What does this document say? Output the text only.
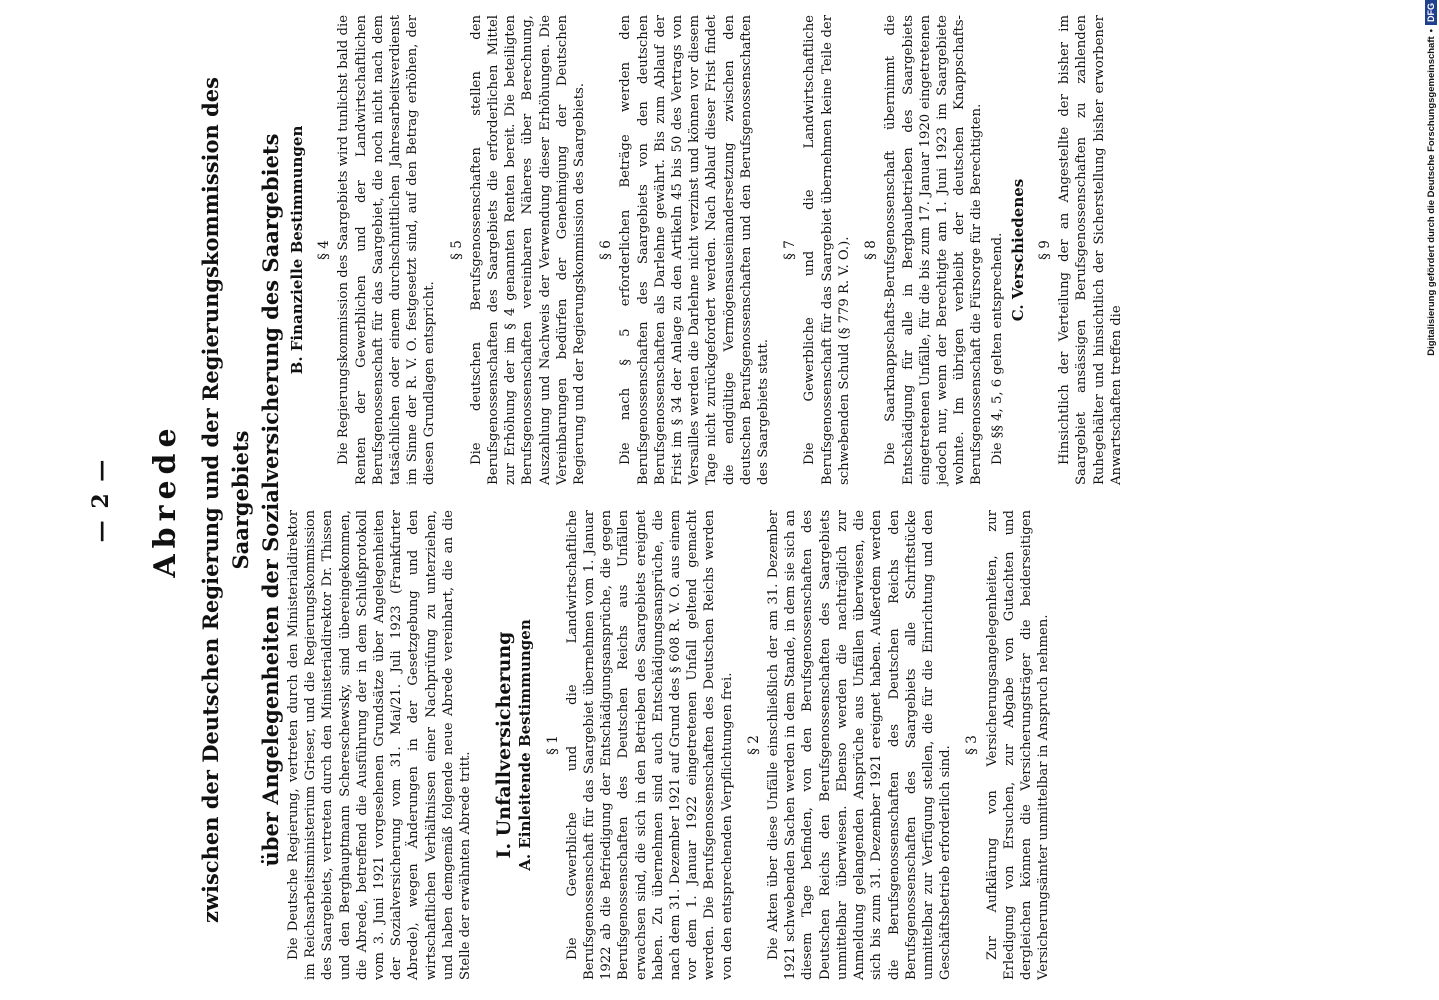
— 2 — Abrede zwischen der Deutschen Regierung und der Regierungskommission des Saargebiets über Angelegenheiten der Sozialversicherung des Saargebiets Die Deutsche Regierung, vertreten durch den Ministerialdirektor im Reichsarbeitsministerium Grieser, und die Regierungskommission des Saargebiets, vertreten durch den Ministerialdirektor Dr. Thissen und den Berghauptmann Schereschewsky, sind übereingekommen, die Abrede, betreffend die Ausführung der in dem Schlußprotokoll vom 3. Juni 1921 vorgesehenen Grundsätze über Angelegenheiten der Sozialversicherung vom 31. Mai/21. Juli 1923 (Frankfurter Abrede), wegen Änderungen in der Gesetzgebung und den wirtschaftlichen Verhältnissen einer Nachprüfung zu unterziehen, und haben demgemäß folgende neue Abrede vereinbart, die an die Stelle der erwähnten Abrede tritt.

I. Unfallversicherung A. Einleitende Bestimmungen § 1 Die Gewerbliche und die Landwirtschaftliche Berufsgenossenschaft für das Saargebiet übernehmen vom 1. Januar 1922 ab die Befriedigung der Entschädigungsansprüche, die gegen Berufsgenossenschaften des Deutschen Reichs aus Unfällen erwachsen sind, die sich in den Betrieben des Saargebiets ereignet haben. Zu übernehmen sind auch Entschädigungsansprüche, die nach dem 31. Dezember 1921 auf Grund des § 608 R. V. O. aus einem vor dem 1. Januar 1922 eingetretenen Unfall geltend gemacht werden. Die Berufsgenossenschaften des Deutschen Reichs werden von den entsprechenden Verpflichtungen frei. § 2 Die Akten über diese Unfälle einschließlich der am 31. Dezember 1921 schwebenden Sachen werden in dem Stande, in dem sie sich an diesem Tage befinden, von den Berufsgenossenschaften des Deutschen Reichs den Berufsgenossenschaften des Saargebiets unmittelbar überwiesen. Ebenso werden die nachträglich zur Anmeldung gelangenden Ansprüche aus Unfällen überwiesen, die sich bis zum 31. Dezember 1921 ereignet haben. Außerdem werden die Berufsgenossenschaften des Deutschen Reichs den Berufsgenossenschaften des Saargebiets alle Schriftstücke unmittelbar zur Verfügung stellen, die für die Einrichtung und den Geschäftsbetrieb erforderlich sind.

§ 3 Zur Aufklärung von Versicherungsangelegenheiten, zur Erledigung von Ersuchen, zur Abgabe von Gutachten und dergleichen können die Versicherungsträger die beiderseitigen Versicherungsämter unmittelbar in Anspruch nehmen.

B. Finanzielle Bestimmungen § 4 Die Regierungskommission des Saargebiets wird tunlichst bald die Renten der Gewerblichen und der Landwirtschaftlichen Berufsgenossenschaft für das Saargebiet, die noch nicht nach dem tatsächlichen oder einem durchschnittlichen Jahresarbeitsverdienst im Sinne der R. V. O. festgesetzt sind, auf den Betrag erhöhen, der diesen Grundlagen entspricht.

§ 5 Die deutschen Berufsgenossenschaften stellen den Berufsgenossenschaften des Saargebiets die erforderlichen Mittel zur Erhöhung der im § 4 genannten Renten bereit. Die beteiligten Berufsgenossenschaften vereinbaren Näheres über Berechnung, Auszahlung und Nachweis der Verwendung dieser Erhöhungen. Die Vereinbarungen bedürfen der Genehmigung der Deutschen Regierung und der Regierungskommission des Saargebiets. § 6 Die nach § 5 erforderlichen Beträge werden den Berufsgenossenschaften des Saargebiets von den deutschen Berufsgenossenschaften als Darlehne gewährt. Bis zum Ablauf der Frist im § 34 der Anlage zu den Artikeln 45 bis 50 des Vertrags von Versailles werden die Darlehne nicht verzinst und können vor diesem Tage nicht zurückgefordert werden. Nach Ablauf dieser Frist findet die endgültige Vermögensauseinandersetzung zwischen den deutschen Berufsgenossenschaften und den Berufsgenossenschaften des Saargebiets statt.

§ 7 Die Gewerbliche und die Landwirtschaftliche Berufsgenossenschaft für das Saargebiet übernehmen keine Teile der schwebenden Schuld (§ 779 R. V. O.). § 8 Die Saarknappschafts-Berufsgenossenschaft übernimmt die Entschädigung für alle in Bergbaubetrieben des Saargebiets eingetretenen Unfälle, für die bis zum 17. Januar 1920 eingetretenen jedoch nur, wenn der Berechtigte am 1. Juni 1923 im Saargebiete wohnte. Im übrigen verbleibt der deutschen Knappschafts-Berufsgenossenschaft die Fürsorge für die Berechtigten. Die §§ 4, 5, 6 gelten entsprechend. C. Verschiedenes § 9 Hinsichtlich der Verteilung der an Angestellte der bisher im Saargebiet ansässigen Berufsgenossenschaften zu zahlenden Ruhegehälter und hinsichtlich der Sicherstellung bisher erworbener Anwartschaften treffen die

Digitalisierung gefördert durch die Deutsche Forschungsgemeinschaft
•
DFG
